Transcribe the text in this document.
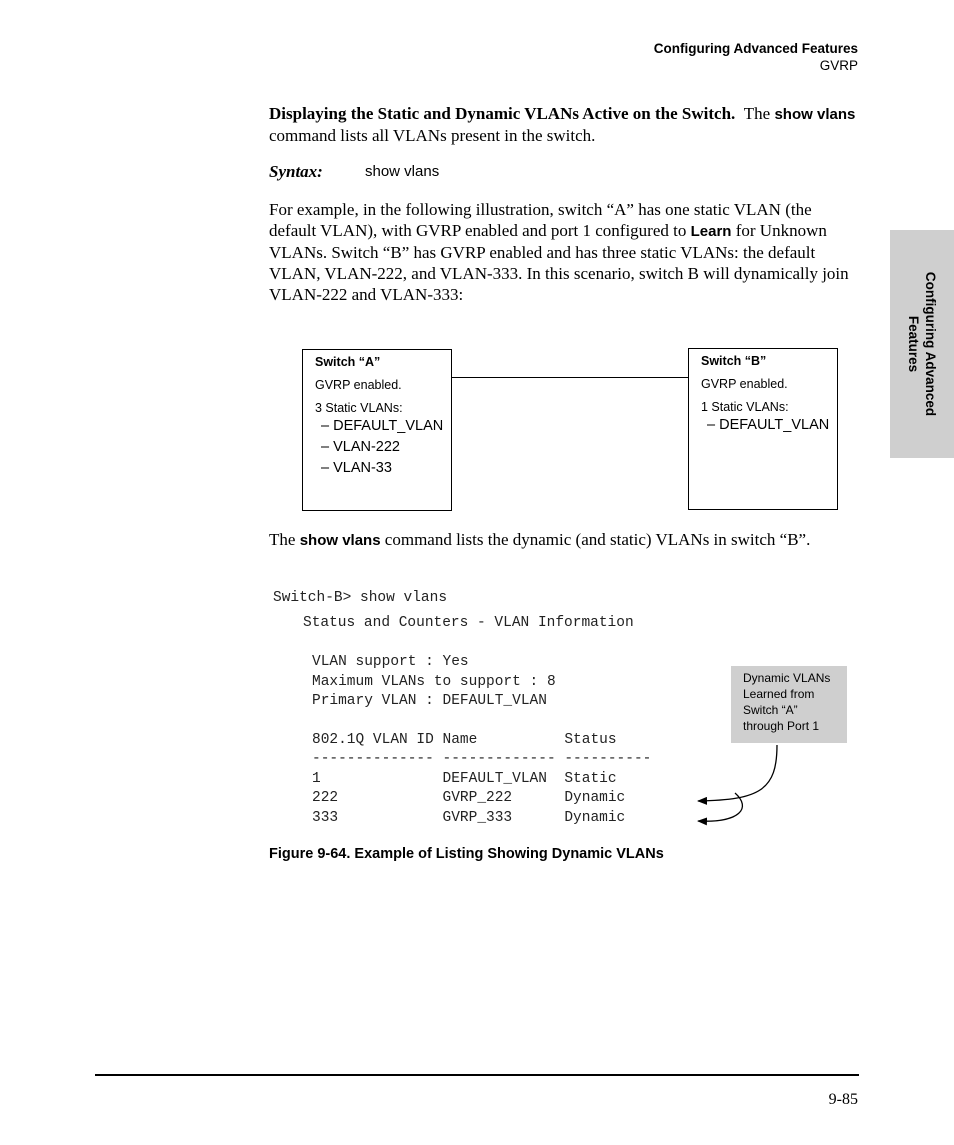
Configuring Advanced Features
GVRP
Configuring Advanced
Features
Displaying the Static and Dynamic VLANs Active on the Switch. The show vlans command lists all VLANs present in the switch.
Syntax:	show vlans
For example, in the following illustration, switch “A” has one static VLAN (the default VLAN), with GVRP enabled and port 1 configured to Learn for Unknown VLANs. Switch “B” has GVRP enabled and has three static VLANs: the default VLAN, VLAN-222, and VLAN-333. In this scenario, switch B will dynamically join VLAN-222 and VLAN-333:
Switch “A”
GVRP enabled.
3 Static VLANs:
– DEFAULT_VLAN
– VLAN-222
– VLAN-33
Switch “B”
GVRP enabled.
1 Static VLANs:
– DEFAULT_VLAN
The show vlans command lists the dynamic (and static) VLANs in switch “B”.
Switch-B> show vlans
Status and Counters - VLAN Information
VLAN support : Yes
Maximum VLANs to support : 8
Primary VLAN : DEFAULT_VLAN
802.1Q VLAN ID Name          Status
-------------- ------------- ----------
1              DEFAULT_VLAN  Static
222            GVRP_222      Dynamic
333            GVRP_333      Dynamic
Dynamic VLANs
Learned from
Switch “A”
through Port 1
Figure 9-64. Example of Listing Showing Dynamic VLANs
9-85
